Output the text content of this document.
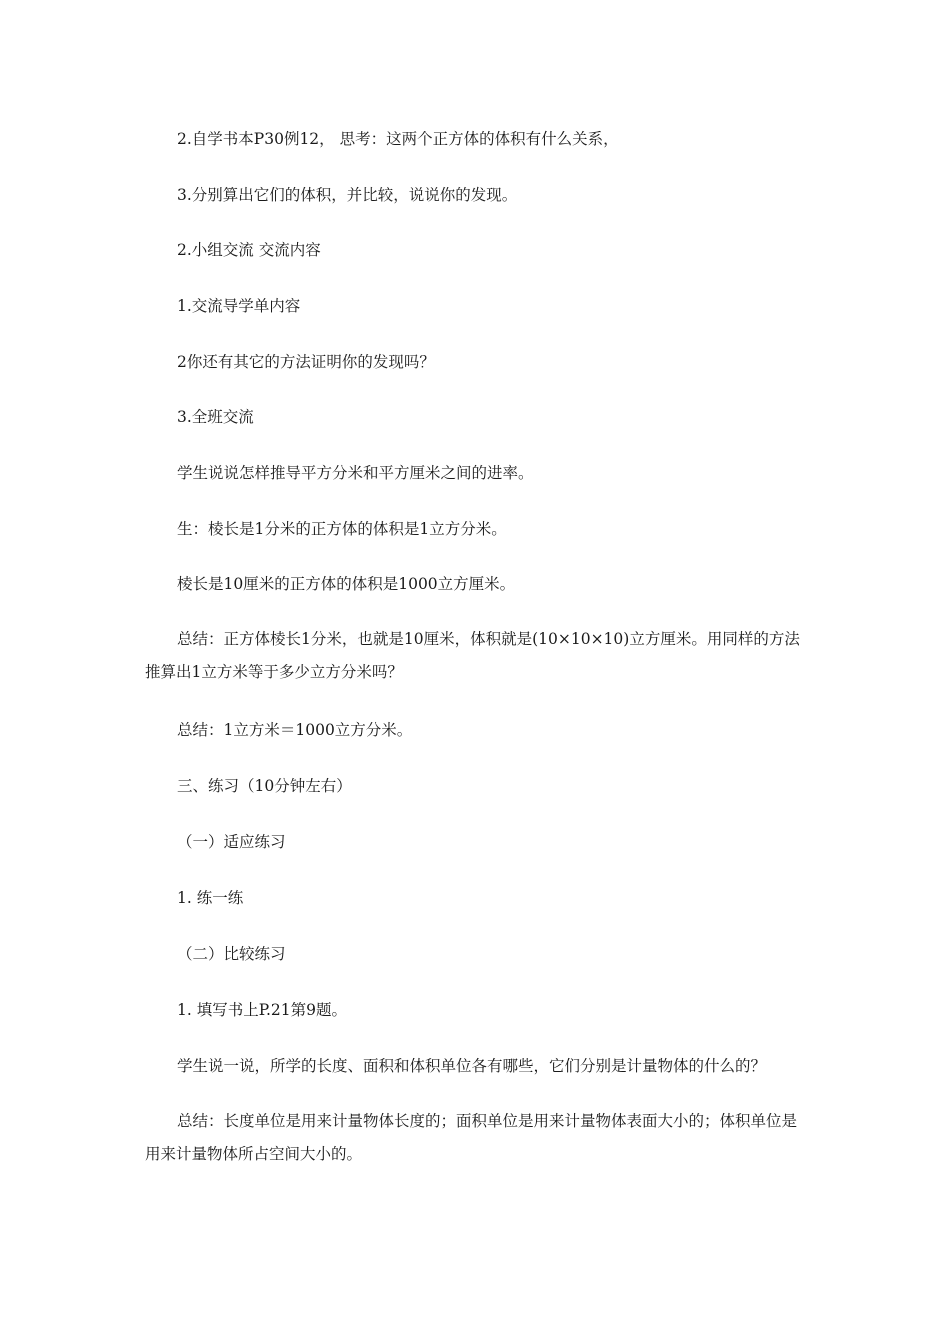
2.自学书本P30例12， 思考：这两个正方体的体积有什么关系，

3.分别算出它们的体积，并比较，说说你的发现。

2.小组交流 交流内容

1.交流导学单内容

2你还有其它的方法证明你的发现吗？

3.全班交流

学生说说怎样推导平方分米和平方厘米之间的进率。

生：棱长是1分米的正方体的体积是1立方分米。

棱长是10厘米的正方体的体积是1000立方厘米。

总结：正方体棱长1分米，也就是10厘米，体积就是(10×10×10)立方厘米。用同样的方法推算出1立方米等于多少立方分米吗？

总结：1立方米＝1000立方分米。

三、练习（10分钟左右）

（一）适应练习

1. 练一练

（二）比较练习

1. 填写书上P.21第9题。

学生说一说，所学的长度、面积和体积单位各有哪些，它们分别是计量物体的什么的？

总结：长度单位是用来计量物体长度的；面积单位是用来计量物体表面大小的；体积单位是用来计量物体所占空间大小的。
